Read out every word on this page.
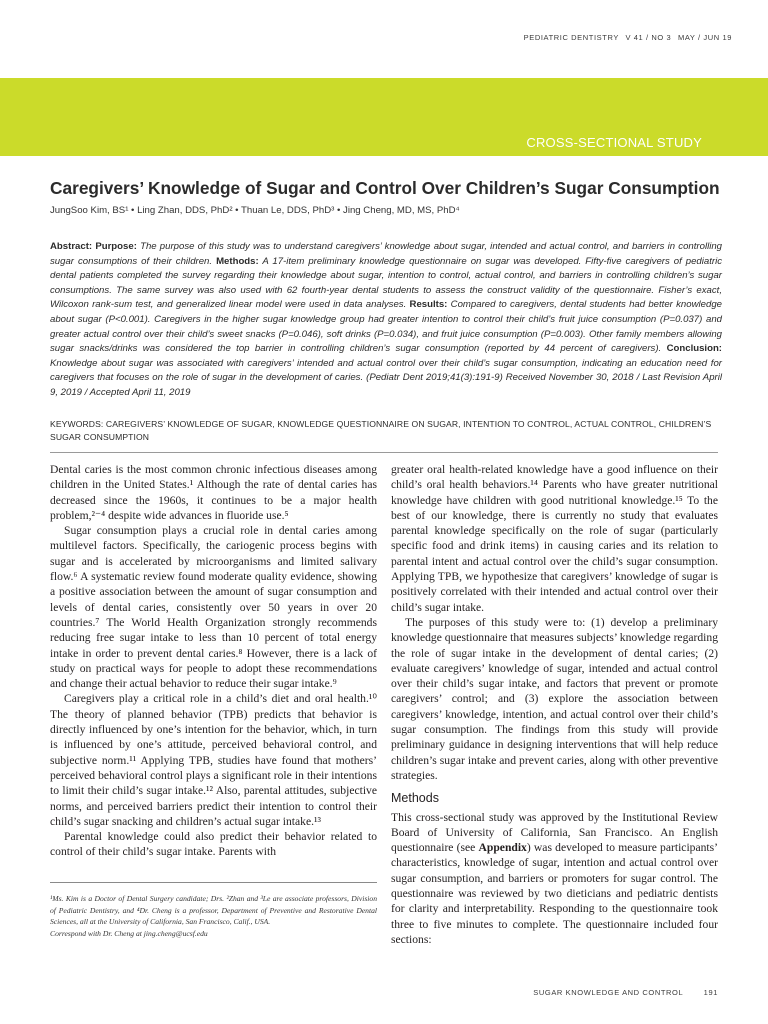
PEDIATRIC DENTISTRY V 41 / NO 3 MAY / JUN 19
CROSS-SECTIONAL STUDY
Caregivers’ Knowledge of Sugar and Control Over Children’s Sugar Consumption
JungSoo Kim, BS¹ • Ling Zhan, DDS, PhD² • Thuan Le, DDS, PhD³ • Jing Cheng, MD, MS, PhD⁴

Abstract: Purpose: The purpose of this study was to understand caregivers’ knowledge about sugar, intended and actual control, and barriers in controlling sugar consumptions of their children. Methods: A 17-item preliminary knowledge questionnaire on sugar was developed. Fifty-five caregivers of pediatric dental patients completed the survey regarding their knowledge about sugar, intention to control, actual control, and barriers in controlling children’s sugar consumptions. The same survey was also used with 62 fourth-year dental students to assess the construct validity of the questionnaire. Fisher’s exact, Wilcoxon rank-sum test, and generalized linear model were used in data analyses. Results: Compared to caregivers, dental students had better knowledge about sugar (P<0.001). Caregivers in the higher sugar knowledge group had greater intention to control their child’s fruit juice consumption (P=0.037) and greater actual control over their child’s sweet snacks (P=0.046), soft drinks (P=0.034), and fruit juice consumption (P=0.003). Other family members allowing sugar snacks/drinks was considered the top barrier in controlling children’s sugar consumption (reported by 44 percent of caregivers). Conclusion: Knowledge about sugar was associated with caregivers’ intended and actual control over their child’s sugar consumption, indicating an education need for caregivers that focuses on the role of sugar in the development of caries. (Pediatr Dent 2019;41(3):191-9) Received November 30, 2018 / Last Revision April 9, 2019 / Accepted April 11, 2019

KEYWORDS: CAREGIVERS’ KNOWLEDGE OF SUGAR, KNOWLEDGE QUESTIONNAIRE ON SUGAR, INTENTION TO CONTROL, ACTUAL CONTROL, CHILDREN’S SUGAR CONSUMPTION

Dental caries is the most common chronic infectious diseases among children in the United States.¹ Although the rate of dental caries has decreased since the 1960s, it continues to be a major health problem,²⁻⁴ despite wide advances in fluoride use.⁵

Sugar consumption plays a crucial role in dental caries among multilevel factors. Specifically, the cariogenic process begins with sugar and is accelerated by microorganisms and limited salivary flow.⁶ A systematic review found moderate quality evidence, showing a positive association between the amount of sugar consumption and levels of dental caries, consistently over 50 years in over 20 countries.⁷ The World Health Organization strongly recommends reducing free sugar intake to less than 10 percent of total energy intake in order to prevent dental caries.⁸ However, there is a lack of study on practical ways for people to adopt these recommendations and change their actual behavior to reduce their sugar intake.⁹

Caregivers play a critical role in a child’s diet and oral health.¹⁰ The theory of planned behavior (TPB) predicts that behavior is directly influenced by one’s intention for the behavior, which, in turn is influenced by one’s attitude, perceived behavioral control, and subjective norm.¹¹ Applying TPB, studies have found that mothers’ perceived behavioral control plays a significant role in their intentions to limit their child’s sugar intake.¹² Also, parental attitudes, subjective norms, and perceived barriers predict their intention to control their child’s sugar snacking and children’s actual sugar intake.¹³

Parental knowledge could also predict their behavior related to control of their child’s sugar intake. Parents with

¹Ms. Kim is a Doctor of Dental Surgery candidate; Drs. ²Zhan and ³Le are associate professors, Division of Pediatric Dentistry, and ⁴Dr. Cheng is a professor, Department of Preventive and Restorative Dental Sciences, all at the University of California, San Francisco, Calif., USA.
Correspond with Dr. Cheng at jing.cheng@ucsf.edu

greater oral health-related knowledge have a good influence on their child’s oral health behaviors.¹⁴ Parents who have greater nutritional knowledge have children with good nutritional knowledge.¹⁵ To the best of our knowledge, there is currently no study that evaluates parental knowledge specifically on the role of sugar (particularly specific food and drink items) in causing caries and its relation to parental intent and actual control over the child’s sugar consumption. Applying TPB, we hypothesize that caregivers’ knowledge of sugar is positively correlated with their intended and actual control over their child’s sugar intake.

The purposes of this study were to: (1) develop a preliminary knowledge questionnaire that measures subjects’ knowledge regarding the role of sugar intake in the development of dental caries; (2) evaluate caregivers’ knowledge of sugar, intended and actual control over their child’s sugar intake, and factors that prevent or promote caregivers’ control; and (3) explore the association between caregivers’ knowledge, intention, and actual control over their child’s sugar consumption. The findings from this study will provide preliminary guidance in designing interventions that will help reduce children’s sugar intake and prevent caries, along with other preventive strategies.

Methods

This cross-sectional study was approved by the Institutional Review Board of University of California, San Francisco. An English questionnaire (see Appendix) was developed to measure participants’ characteristics, knowledge of sugar, intention and actual control over sugar consumption, and barriers or promoters for sugar control. The questionnaire was reviewed by two dieticians and pediatric dentists for clarity and interpretability. Responding to the questionnaire took three to five minutes to complete. The questionnaire included four sections:

SUGAR KNOWLEDGE AND CONTROL	191
